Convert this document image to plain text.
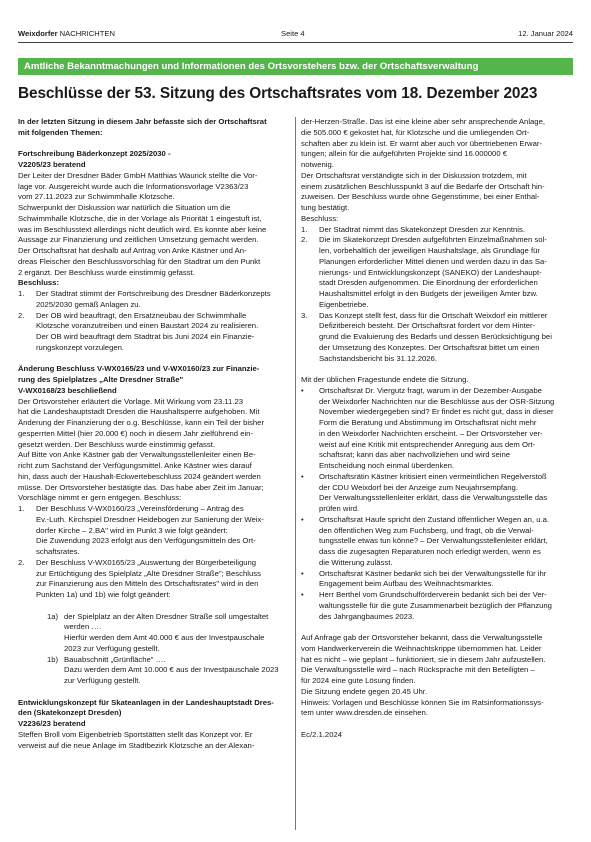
Weixdorfer NACHRICHTEN	Seite 4	12. Januar 2024
Amtliche Bekanntmachungen und Informationen des Ortsvorstehers bzw. der Ortschaftsverwaltung
Beschlüsse der 53. Sitzung des Ortschaftsrates vom 18. Dezember 2023

In der letzten Sitzung in diesem Jahr befasste sich der Ortschaftsrat

mit folgenden Themen:

Fortschreibung Bäderkonzept 2025/2030 -

V2205/23 beratend

Der Leiter der Dresdner Bäder GmbH Matthias Waurick stellte die Vor-

lage vor. Ausgereicht wurde auch die Informationsvorlage V2363/23

vom 27.11.2023 zur Schwimmhalle Klotzsche.

Schwerpunkt der Diskussion war natürlich die Situation um die

Schwimmhalle Klotzsche, die in der Vorlage als Priorität 1 eingestuft ist,

was im Beschlusstext allerdings nicht deutlich wird. Es konnte aber keine

Aussage zur Finanzierung und zeitlichen Umsetzung gemacht werden.

Der Ortschaftsrat hat deshalb auf Antrag von Anke Kästner und An-

dreas Fleischer den Beschlussvorschlag für den Stadtrat um den Punkt

2 ergänzt. Der Beschluss wurde einstimmig gefasst.

Beschluss:

1. Der Stadtrat stimmt der Fortschreibung des Dresdner Bäderkonzepts

2025/2030 gemäß Anlagen zu.

2. Der OB wird beauftragt, den Ersatzneubau der Schwimmhalle

Klotzsche voranzutreiben und einen Baustart 2024 zu realisieren.

Der OB wird beauftragt dem Stadtrat bis Juni 2024 ein Finanzie-

rungskonzept vorzulegen.

Änderung Beschluss V-WX0165/23 und V-WX0160/23 zur Finanzie-

rung des Spielplatzes „Alte Dresdner Straße"

V-WX0168/23 beschließend

Der Ortsvorsteher erläutert die Vorlage. Mit Wirkung vom 23.11.23

hat die Landeshauptstadt Dresden die Haushaltsperre aufgehoben. Mit

Änderung der Finanzierung der o.g. Beschlüsse, kann ein Teil der bisher

gesperrten Mittel (hier 20.000 €) noch in diesem Jahr zielführend ein-

gesetzt werden. Der Beschluss wurde einstimmig gefasst.

Auf Bitte von Anke Kästner gab der Verwaltungsstellenleiter einen Be-

richt zum Sachstand der Verfügungsmittel. Anke Kästner wies darauf

hin, dass auch der Haushalt-Eckwertebeschluss 2024 geändert werden

müsse. Der Ortsvorsteher bestätigte das. Das habe aber Zeit im Januar;

Vorschläge nimmt er gern entgegen. Beschluss:

1. Der Beschluss V-WX0160/23 „Vereinsförderung – Antrag des

Ev.-Luth. Kirchspiel Dresdner Heidebogen zur Sanierung der Weix-

dorfer Kirche – 2.BA" wird im Punkt 3 wie folgt geändert:

Die Zuwendung 2023 erfolgt aus den Verfügungsmitteln des Ort-

schaftsrates.

2. Der Beschluss V-WX0165/23 „Auswertung der Bürgerbeteiligung

zur Ertüchtigung des Spielplatz „Alte Dresdner Straße"; Beschluss

zur Finanzierung aus den Mitteln des Ortschaftsrates" wird in den

Punkten 1a) und 1b) wie folgt geändert:

1a) der Spielplatz an der Alten Dresdner Straße soll umgestaltet

werden ….

Hierfür werden dem Amt 40.000 € aus der Investpauschale

2023 zur Verfügung gestellt.

1b) Bauabschnitt „Grünfläche" ….

Dazu werden dem Amt 10.000 € aus der Investpauschale 2023

zur Verfügung gestellt.

Entwicklungskonzept für Skateanlagen in der Landeshauptstadt Dres-

den (Skatekonzept Dresden)

V2236/23 beratend

Steffen Broll vom Eigenbetrieb Sportstätten stellt das Konzept vor. Er

verweist auf die neue Anlage im Stadtbezirk Klotzsche an der Alexan-

der-Herzen-Straße. Das ist eine kleine aber sehr ansprechende Anlage,

die 505.000 € gekostet hat, für Klotzsche und die umliegenden Ort-

schaften aber zu klein ist. Er warnt aber auch vor übertriebenen Erwar-

tungen; allein für die aufgeführten Projekte sind 16.000000 €

notwenig.

Der Ortschaftsrat verständigte sich in der Diskussion trotzdem, mit

einem zusätzlichen Beschlusspunkt 3 auf die Bedarfe der Ortschaft hin-

zuweisen. Der Beschluss wurde ohne Gegenstimme, bei einer Enthal-

tung bestätigt.

Beschluss:

1. Der Stadtrat nimmt das Skatekonzept Dresden zur Kenntnis.

2. Die im Skatekonzept Dresden aufgeführten Einzelmaßnahmen sol-

len, vorbehaltlich der jeweiligen Haushaltslage, als Grundlage für

Planungen erforderlicher Mittel dienen und werden dazu in das Sa-

nierungs- und Entwicklungskonzept (SANEKO) der Landeshaupt-

stadt Dresden aufgenommen. Die Einordnung der erforderlichen

Haushaltsmittel erfolgt in den Budgets der jeweiligen Ämter bzw.

Eigenbetriebe.

3. Das Konzept stellt fest, dass für die Ortschaft Weixdorf ein mittlerer

Defizitbereich besteht. Der Ortschaftsrat fordert vor dem Hinter-

grund die Evaluierung des Bedarfs und dessen Berücksichtigung bei

der Umsetzung des Konzeptes. Der Ortschaftsrat bittet um einen

Sachstandsbericht bis 31.12.2026.

Mit der üblichen Fragestunde endete die Sitzung.

• Ortschaftsrat Dr. Viergutz fragt, warum in der Dezember-Ausgabe

der Weixdorfer Nachrichten nur die Beschlüsse aus der OSR-Sitzung

November wiedergegeben sind? Er findet es nicht gut, dass in dieser

Form die Beratung und Abstimmung im Ortschaftsrat nicht mehr

in den Weixdorfer Nachrichten erscheint. – Der Ortsvorsteher ver-

weist auf eine Kritik mit entsprechender Anregung aus dem Ort-

schaftsrat; kann das aber nachvollziehen und wird seine

Entscheidung noch einmal überdenken.

• Ortschaftsrätin Kästner kritisiert einen vermeintlichen Regelverstoß

der CDU Weixdorf bei der Anzeige zum Neujahrsempfang.

Der Verwaltungsstellenleiter erklärt, dass die Verwaltungsstelle das

prüfen wird.

• Ortschaftsrat Haufe spricht den Zustand öffentlicher Wegen an, u.a.

den öffentlichen Weg zum Fuchsberg, und fragt, ob die Verwal-

tungsstelle etwas tun könne? – Der Verwaltungsstellenleiter erklärt,

dass die zugesagten Reparaturen noch erledigt werden, wenn es

die Witterung zulässt.

• Ortschaftsrat Kästner bedankt sich bei der Verwaltungsstelle für ihr

Engagement beim Aufbau des Weihnachtsmarktes.

• Herr Berthel vom Grundschulförderverein bedankt sich bei der Ver-

waltungsstelle für die gute Zusammenarbeit bezüglich der Pflanzung

des Jahrgangbaumes 2023.

Auf Anfrage gab der Ortsvorsteher bekannt, dass die Verwaltungsstelle

vom Handwerkerverein die Weihnachtskrippe übernommen hat. Leider

hat es nicht – wie geplant – funktioniert, sie in diesem Jahr aufzustellen.

Die Verwaltungsstelle wird – nach Rücksprache mit den Beteiligten –

für 2024 eine gute Lösung finden.

Die Sitzung endete gegen 20.45 Uhr.

Hinweis: Vorlagen und Beschlüsse können Sie im Ratsinformationssys-

tem unter www.dresden.de einsehen.

Ec/2.1.2024
